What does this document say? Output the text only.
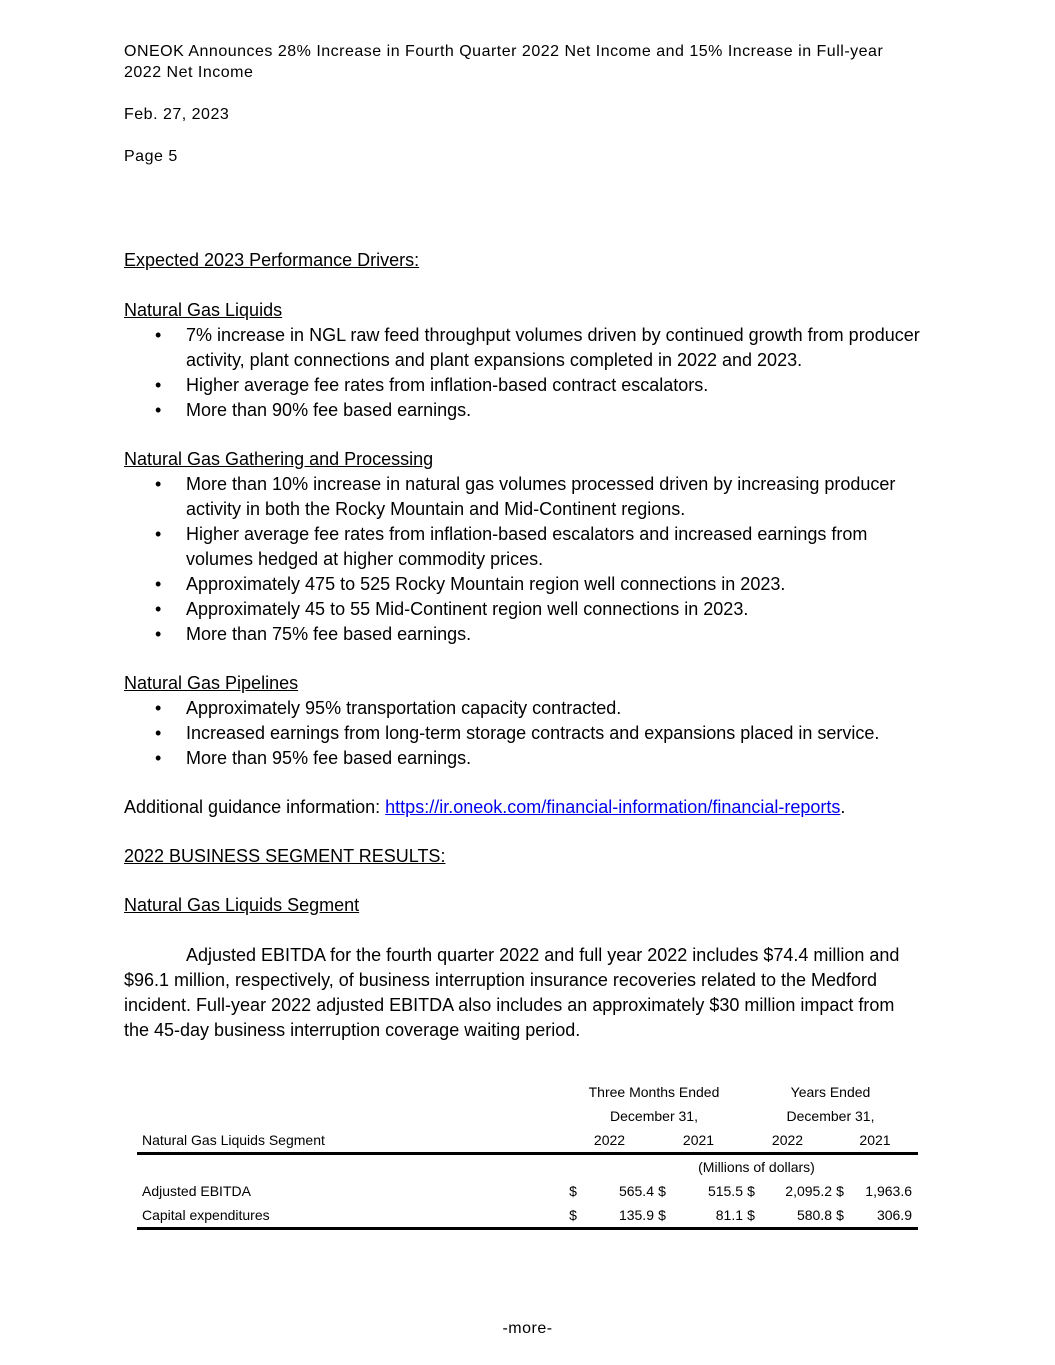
ONEOK Announces 28% Increase in Fourth Quarter 2022 Net Income and 15% Increase in Full-year 2022 Net Income
Feb. 27, 2023
Page 5
Expected 2023 Performance Drivers:
Natural Gas Liquids
• 7% increase in NGL raw feed throughput volumes driven by continued growth from producer activity, plant connections and plant expansions completed in 2022 and 2023.
• Higher average fee rates from inflation-based contract escalators.
• More than 90% fee based earnings.
Natural Gas Gathering and Processing
• More than 10% increase in natural gas volumes processed driven by increasing producer activity in both the Rocky Mountain and Mid-Continent regions.
• Higher average fee rates from inflation-based escalators and increased earnings from volumes hedged at higher commodity prices.
• Approximately 475 to 525 Rocky Mountain region well connections in 2023.
• Approximately 45 to 55 Mid-Continent region well connections in 2023.
• More than 75% fee based earnings.
Natural Gas Pipelines
• Approximately 95% transportation capacity contracted.
• Increased earnings from long-term storage contracts and expansions placed in service.
• More than 95% fee based earnings.
Additional guidance information: https://ir.oneok.com/financial-information/financial-reports.
2022 BUSINESS SEGMENT RESULTS:
Natural Gas Liquids Segment
Adjusted EBITDA for the fourth quarter 2022 and full year 2022 includes $74.4 million and $96.1 million, respectively, of business interruption insurance recoveries related to the Medford incident. Full-year 2022 adjusted EBITDA also includes an approximately $30 million impact from the 45-day business interruption coverage waiting period.
	Three Months Ended				Years Ended			
	December 31,				December 31,			
Natural Gas Liquids Segment	2022		2021		2022		2021	
	(Millions of dollars)							
Adjusted EBITDA	$	565.4	$	515.5	$	2,095.2	$	1,963.6
Capital expenditures	$	135.9	$	81.1	$	580.8	$	306.9
-more-
